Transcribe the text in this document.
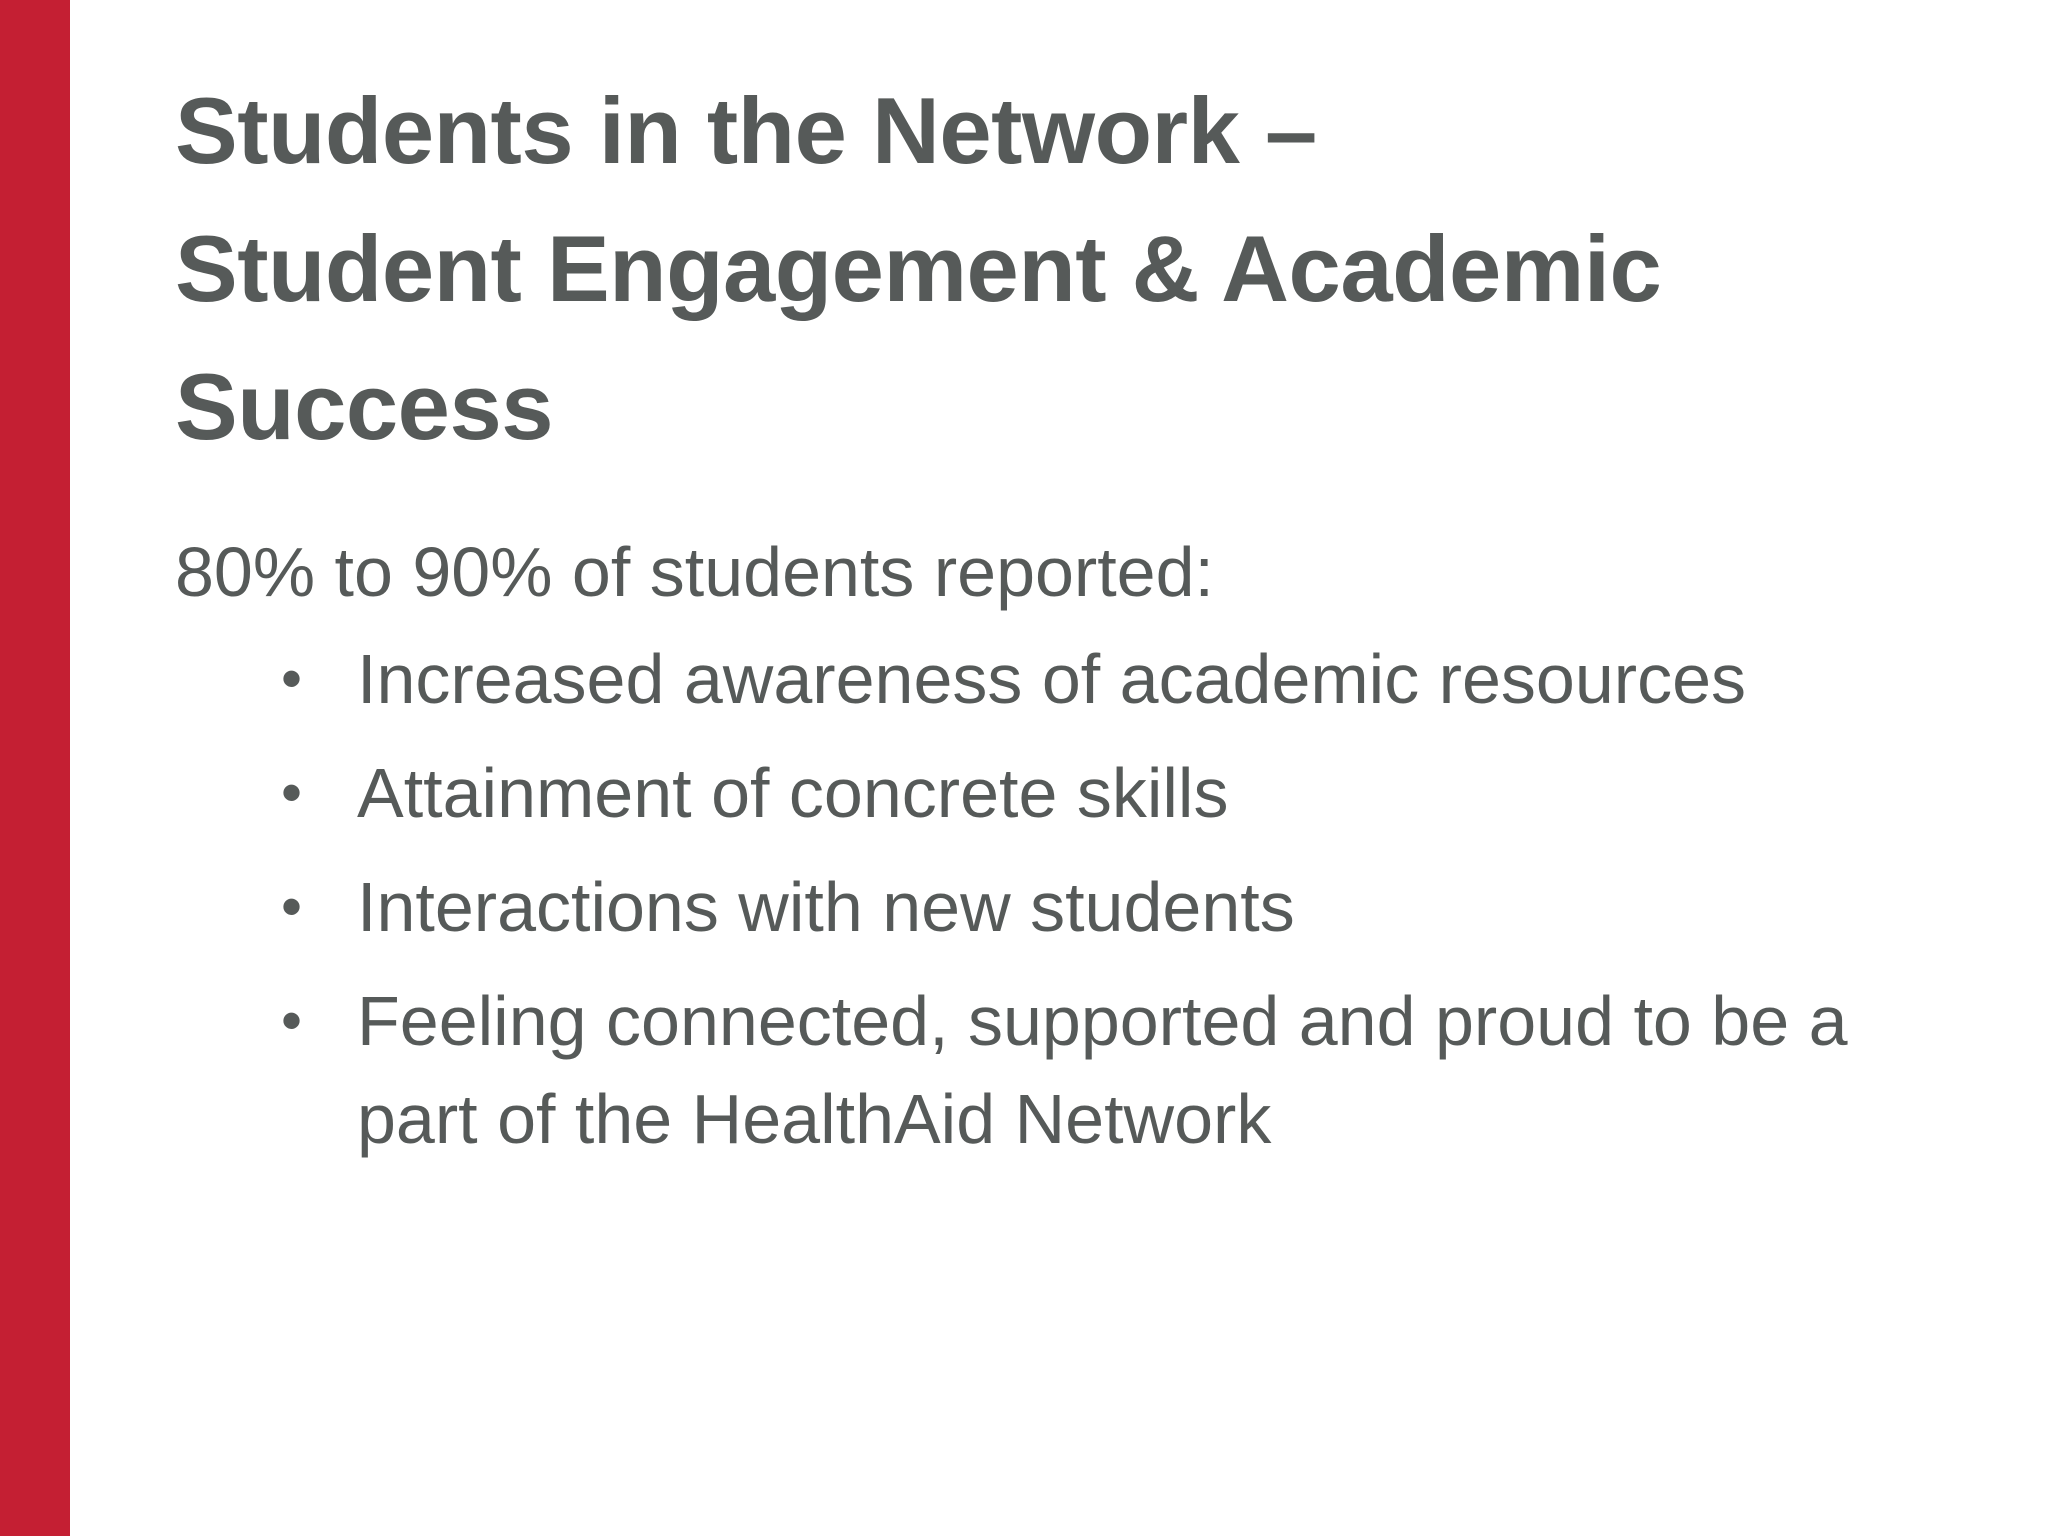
Students in the Network –
Student Engagement & Academic
Success

80% to 90% of students reported:

• Increased awareness of academic resources
• Attainment of concrete skills
• Interactions with new students
• Feeling connected, supported and proud to be a part of the HealthAid Network
